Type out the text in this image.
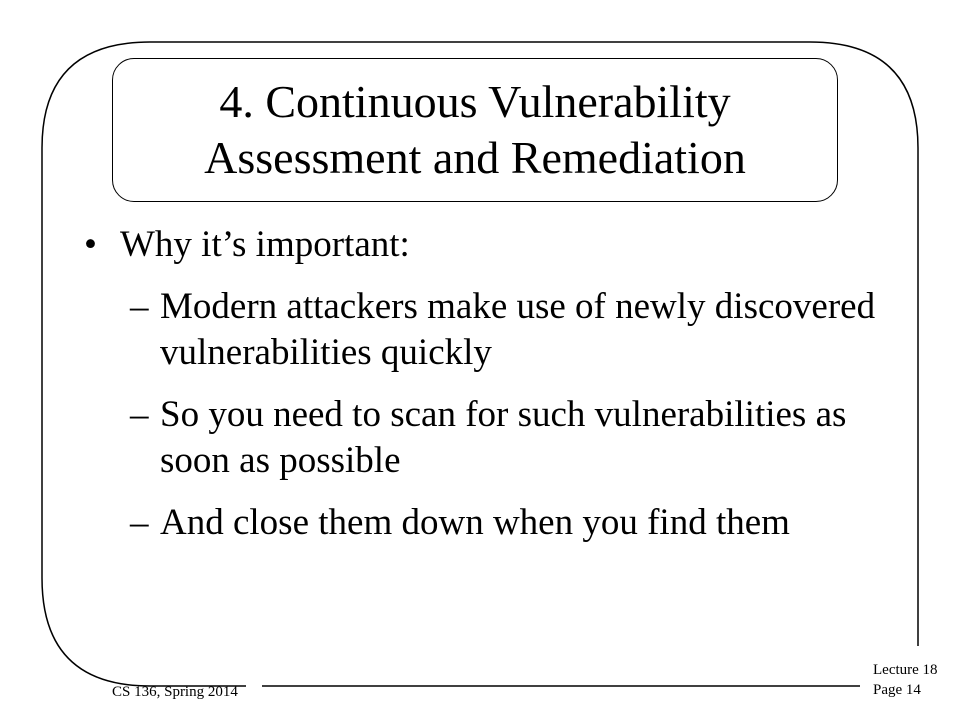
4. Continuous Vulnerability
Assessment and Remediation
• Why it’s important:
– Modern attackers make use of newly discovered vulnerabilities quickly
– So you need to scan for such vulnerabilities as soon as possible
– And close them down when you find them
CS 136, Spring 2014
Lecture 18
Page 14
